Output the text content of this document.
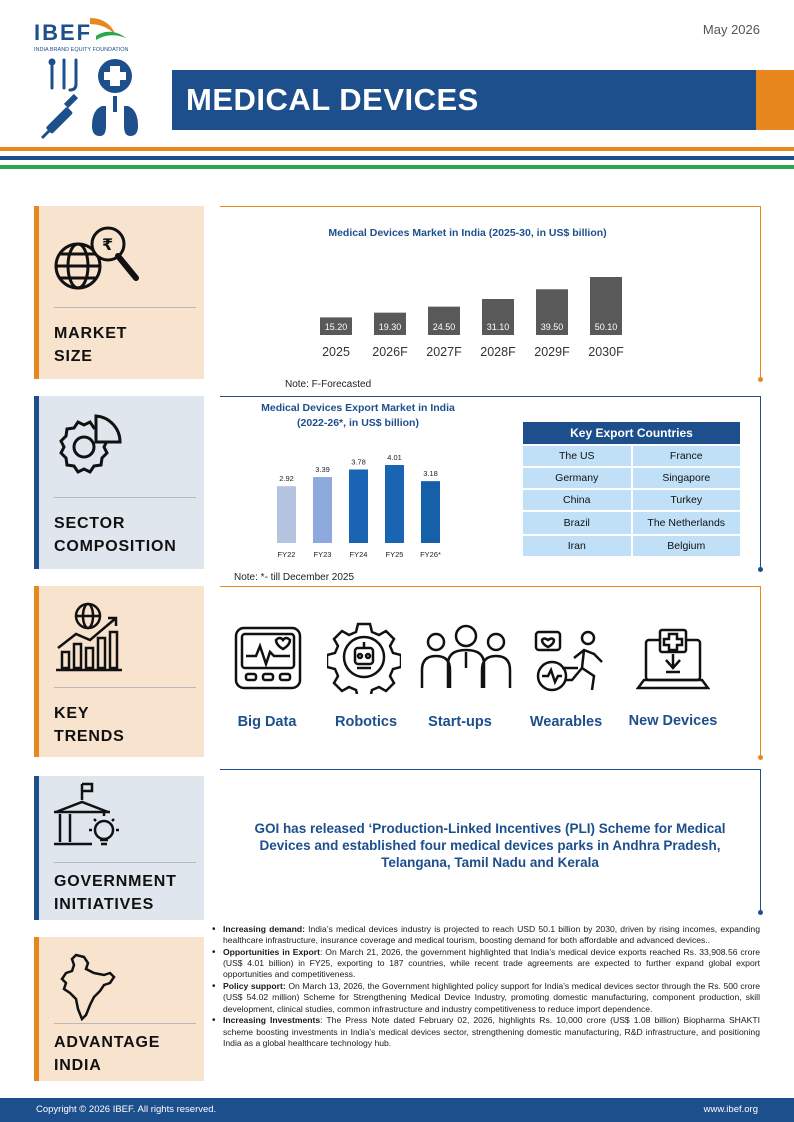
IBEF
INDIA BRAND EQUITY FOUNDATION
May 2026
MEDICAL DEVICES
₹
MARKET
SIZE
Medical Devices Market in India (2025-30, in US$ billion)
15.20
2025
19.30
2026F
24.50
2027F
31.10
2028F
39.50
2029F
50.10
2030F
Note: F-Forecasted
SECTOR
COMPOSITION
Medical Devices Export Market in India
(2022-26*, in US$ billion)
2.92
FY22
3.39
FY23
3.78
FY24
4.01
FY25
3.18
FY26*
Note: *- till December 2025
Key Export Countries
The US	France
Germany	Singapore
China	Turkey
Brazil	The Netherlands
Iran	Belgium
KEY
TRENDS
Big Data	Robotics	Start-ups	Wearables	New Devices
GOVERNMENT
INITIATIVES
GOI has released ‘Production-Linked Incentives (PLI) Scheme for Medical Devices and established four medical devices parks in Andhra Pradesh, Telangana, Tamil Nadu and Kerala
ADVANTAGE
INDIA
• Increasing demand: India’s medical devices industry is projected to reach USD 50.1 billion by 2030, driven by rising incomes, expanding healthcare infrastructure, insurance coverage and medical tourism, boosting demand for both affordable and advanced devices..
• Opportunities in Export: On March 21, 2026, the government highlighted that India’s medical device exports reached Rs. 33,908.56 crore (US$ 4.01 billion) in FY25, exporting to 187 countries, while recent trade agreements are expected to further expand global export opportunities and competitiveness.
• Policy support: On March 13, 2026, the Government highlighted policy support for India’s medical devices sector through the Rs. 500 crore (US$ 54.02 million) Scheme for Strengthening Medical Device Industry, promoting domestic manufacturing, component production, skill development, clinical studies, common infrastructure and industry competitiveness to reduce import dependence.
• Increasing Investments: The Press Note dated February 02, 2026, highlights Rs. 10,000 crore (US$ 1.08 billion) Biopharma SHAKTI scheme boosting investments in India’s medical devices sector, strengthening domestic manufacturing, R&D infrastructure, and positioning India as a global healthcare technology hub.
Copyright © 2026 IBEF. All rights reserved.	www.ibef.org
